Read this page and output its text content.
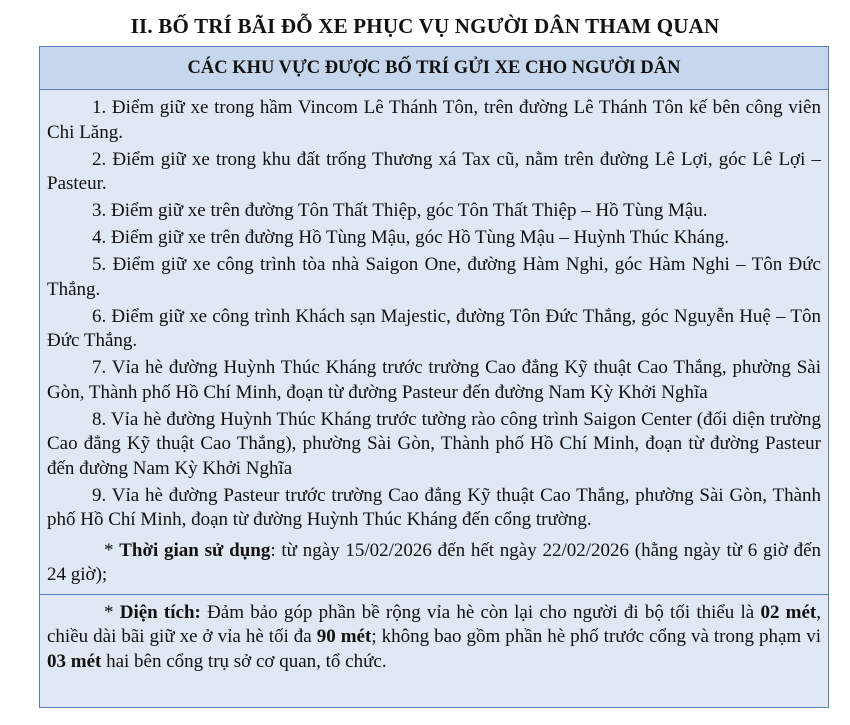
II. BỐ TRÍ BÃI ĐỖ XE PHỤC VỤ NGƯỜI DÂN THAM QUAN
CÁC KHU VỰC ĐƯỢC BỐ TRÍ GỬI XE CHO NGƯỜI DÂN

1. Điểm giữ xe trong hầm Vincom Lê Thánh Tôn, trên đường Lê Thánh Tôn kế bên công viên Chi Lăng.

2. Điểm giữ xe trong khu đất trống Thương xá Tax cũ, nằm trên đường Lê Lợi, góc Lê Lợi – Pasteur.

3. Điểm giữ xe trên đường Tôn Thất Thiệp, góc Tôn Thất Thiệp – Hồ Tùng Mậu.

4. Điểm giữ xe trên đường Hồ Tùng Mậu, góc Hồ Tùng Mậu – Huỳnh Thúc Kháng.

5. Điểm giữ xe công trình tòa nhà Saigon One, đường Hàm Nghi, góc Hàm Nghi – Tôn Đức Thắng.

6. Điểm giữ xe công trình Khách sạn Majestic, đường Tôn Đức Thắng, góc Nguyễn Huệ – Tôn Đức Thắng.

7. Vỉa hè đường Huỳnh Thúc Kháng trước trường Cao đẳng Kỹ thuật Cao Thắng, phường Sài Gòn, Thành phố Hồ Chí Minh, đoạn từ đường Pasteur đến đường Nam Kỳ Khởi Nghĩa

8. Vỉa hè đường Huỳnh Thúc Kháng trước tường rào công trình Saigon Center (đối diện trường Cao đẳng Kỹ thuật Cao Thắng), phường Sài Gòn, Thành phố Hồ Chí Minh, đoạn từ đường Pasteur đến đường Nam Kỳ Khởi Nghĩa

9. Vỉa hè đường Pasteur trước trường Cao đẳng Kỹ thuật Cao Thắng, phường Sài Gòn, Thành phố Hồ Chí Minh, đoạn từ đường Huỳnh Thúc Kháng đến cổng trường.

* Thời gian sử dụng: từ ngày 15/02/2026 đến hết ngày 22/02/2026 (hằng ngày từ 6 giờ đến 24 giờ);

* Diện tích: Đảm bảo góp phần bề rộng vỉa hè còn lại cho người đi bộ tối thiểu là 02 mét, chiều dài bãi giữ xe ở vỉa hè tối đa 90 mét; không bao gồm phần hè phố trước cổng và trong phạm vi 03 mét hai bên cổng trụ sở cơ quan, tổ chức.
